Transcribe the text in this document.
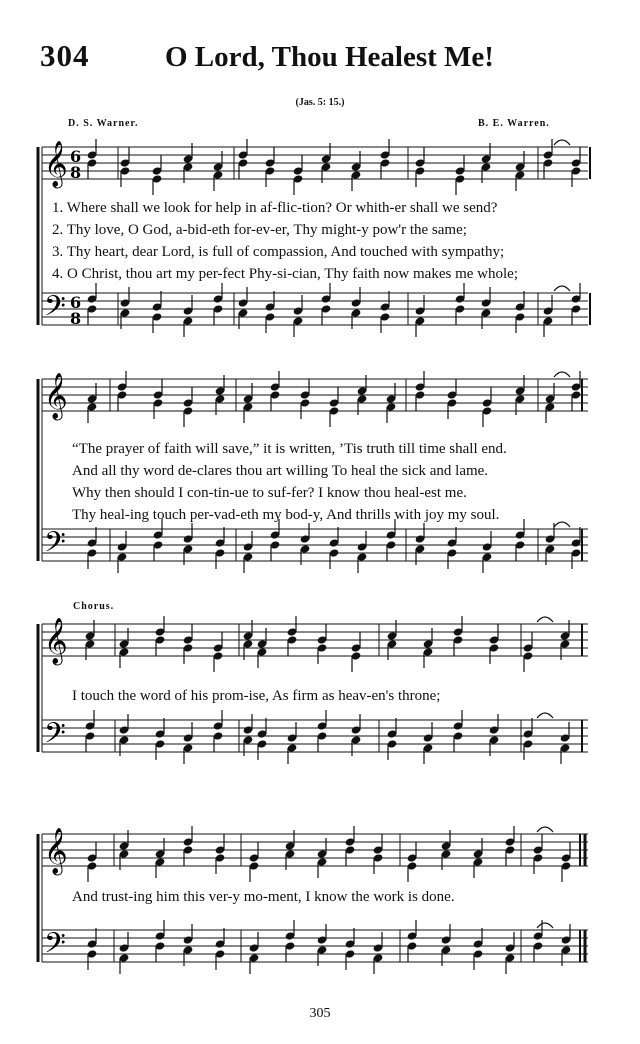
304	O Lord, Thou Healest Me!
(Jas. 5: 15.)
D. S. Warner.	B. E. Warren.
𝄞 6
8
𝄢 6
8
1. Where shall we look for help in af-flic-tion? Or whith-er shall we send?
2. Thy love, O God, a-bid-eth for-ev-er, Thy might-y pow'r the same;
3. Thy heart, dear Lord, is full of compassion, And touched with sympathy;
4. O Christ, thou art my per-fect Phy-si-cian, Thy faith now makes me whole;
𝄞
𝄢
“The prayer of faith will save,” it is written, ’Tis truth till time shall end.
And all thy word de-clares thou art willing To heal the sick and lame.
Why then should I con-tin-ue to suf-fer? I know thou heal-est me.
Thy heal-ing touch per-vad-eth my bod-y, And thrills with joy my soul.
Chorus.
𝄞
𝄢
I touch the word of his prom-ise, As firm as heav-en's throne;
𝄞
𝄢
And trust-ing him this ver-y mo-ment, I know the work is done.
305
